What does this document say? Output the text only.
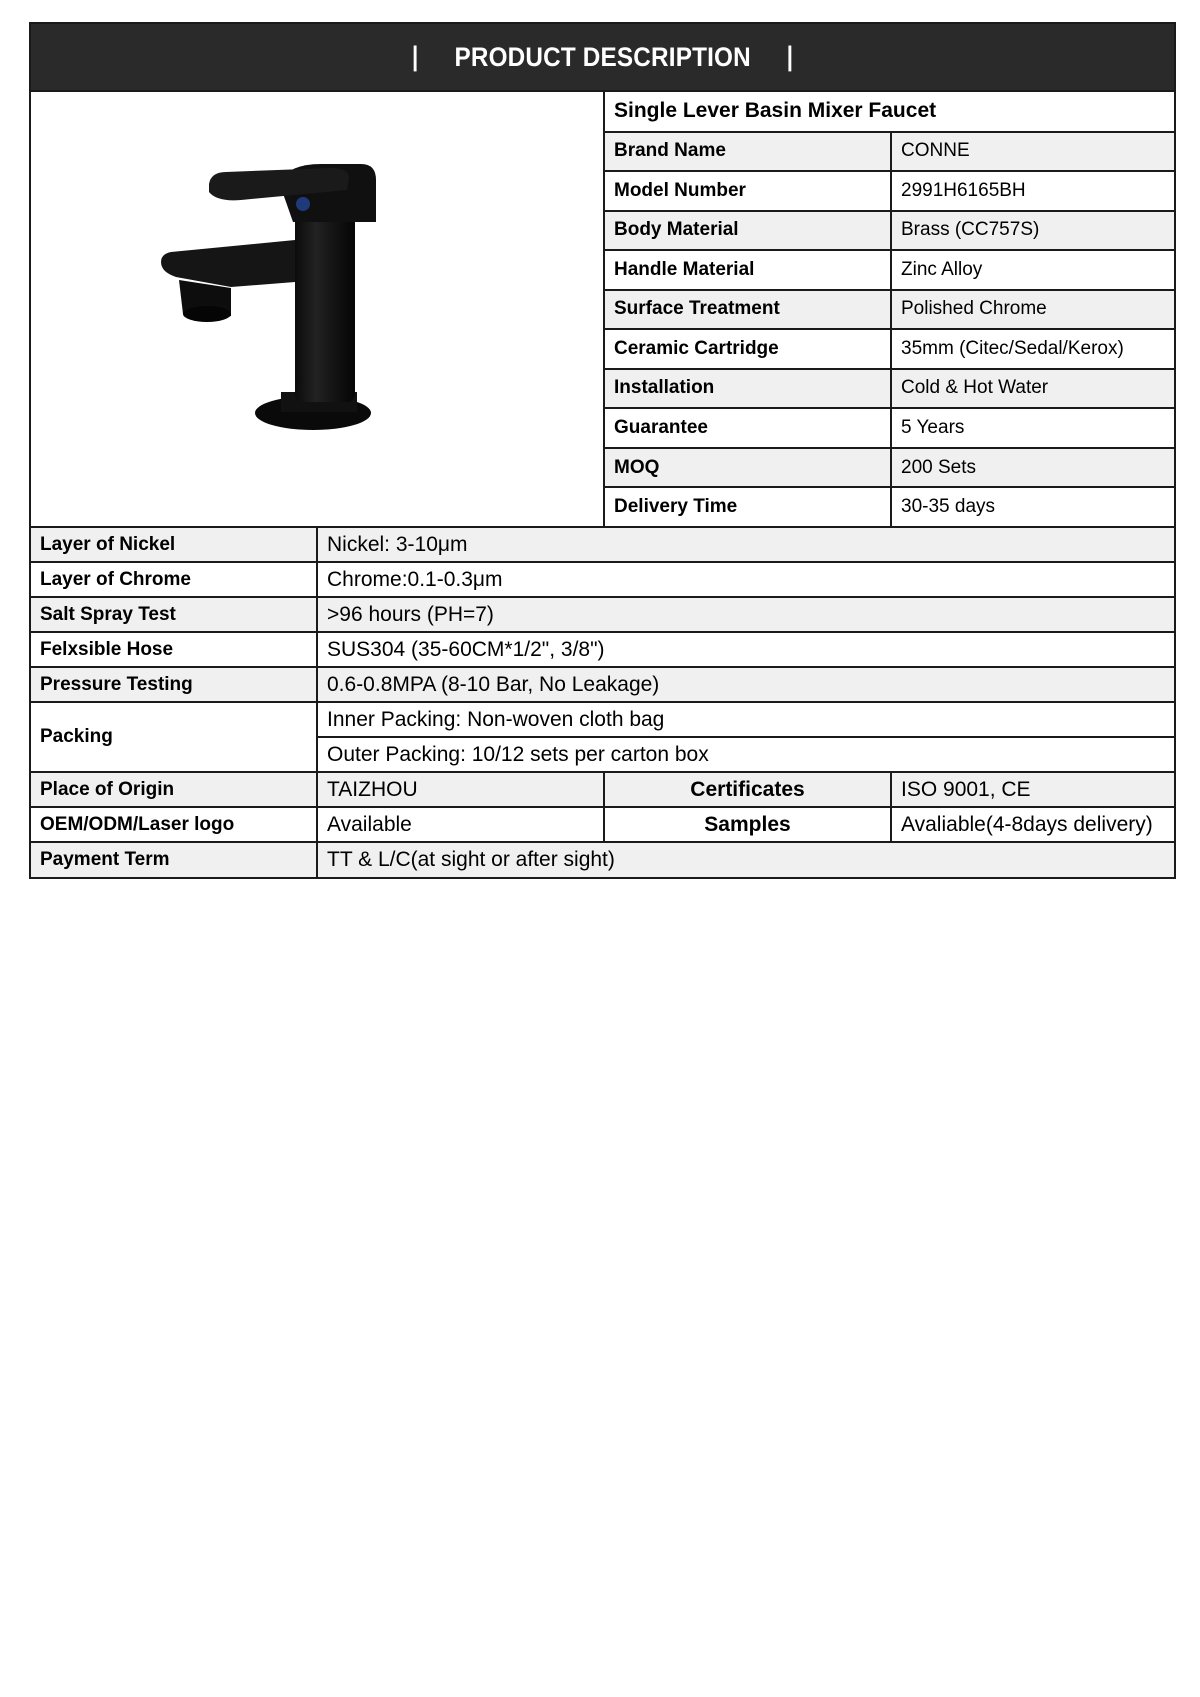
| PRODUCT DESCRIPTION |
	Single Lever Basin Mixer Faucet	
		Brand Name	CONNE
		Model Number	2991H6165BH
		Body Material	Brass (CC757S)
		Handle Material	Zinc Alloy
		Surface Treatment	Polished Chrome
		Ceramic Cartridge	35mm (Citec/Sedal/Kerox)
		Installation	Cold & Hot Water
		Guarantee	5 Years
		MOQ	200 Sets
		Delivery Time	30-35 days
Layer of Nickel	Nickel: 3-10μm		
Layer of Chrome	Chrome:0.1-0.3μm		
Salt Spray Test	>96 hours (PH=7)		
Felxsible Hose	SUS304 (35-60CM*1/2", 3/8")		
Pressure Testing	0.6-0.8MPA (8-10 Bar, No Leakage)		
Packing	Inner Packing: Non-woven cloth bag		
	Outer Packing: 10/12 sets per carton box		
Place of Origin	TAIZHOU	Certificates	ISO 9001, CE
OEM/ODM/Laser logo	Available	Samples	Avaliable(4-8days delivery)
Payment Term	TT & L/C(at sight or after sight)		
